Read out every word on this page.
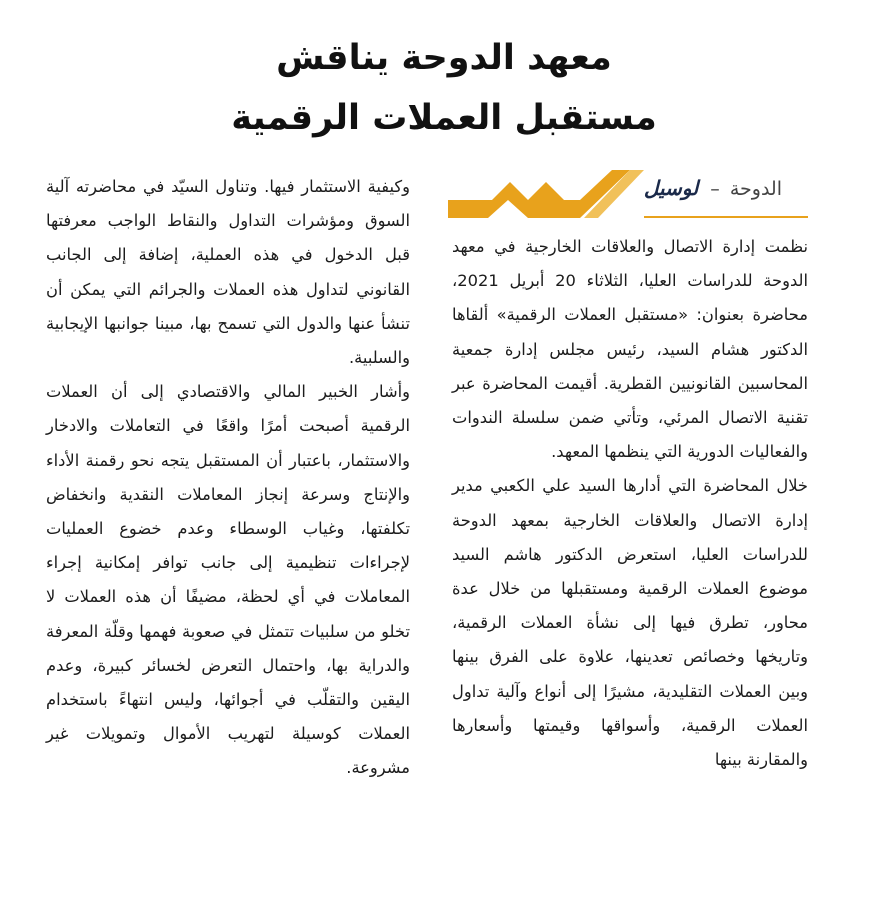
معهد الدوحة يناقش
مستقبل العملات الرقمية
الدوحة – لوسيل

نظمت إدارة الاتصال والعلاقات الخارجية في معهد الدوحة للدراسات العليا، الثلاثاء 20 أبريل 2021، محاضرة بعنوان: «مستقبل العملات الرقمية» ألقاها الدكتور هشام السيد، رئيس مجلس إدارة جمعية المحاسبين القانونيين القطرية. أقيمت المحاضرة عبر تقنية الاتصال المرئي، وتأتي ضمن سلسلة الندوات والفعاليات الدورية التي ينظمها المعهد.

خلال المحاضرة التي أدارها السيد علي الكعبي مدير إدارة الاتصال والعلاقات الخارجية بمعهد الدوحة للدراسات العليا، استعرض الدكتور هاشم السيد موضوع العملات الرقمية ومستقبلها من خلال عدة محاور، تطرق فيها إلى نشأة العملات الرقمية، وتاريخها وخصائص تعدينها، علاوة على الفرق بينها وبين العملات التقليدية، مشيرًا إلى أنواع وآلية تداول العملات الرقمية، وأسواقها وقيمتها وأسعارها والمقارنة بينها

وكيفية الاستثمار فيها. وتناول السيّد في محاضرته آلية السوق ومؤشرات التداول والنقاط الواجب معرفتها قبل الدخول في هذه العملية، إضافة إلى الجانب القانوني لتداول هذه العملات والجرائم التي يمكن أن تنشأ عنها والدول التي تسمح بها، مبينا جوانبها الإيجابية والسلبية.

وأشار الخبير المالي والاقتصادي إلى أن العملات الرقمية أصبحت أمرًا واقعًا في التعاملات والادخار والاستثمار، باعتبار أن المستقبل يتجه نحو رقمنة الأداء والإنتاج وسرعة إنجاز المعاملات النقدية وانخفاض تكلفتها، وغياب الوسطاء وعدم خضوع العمليات لإجراءات تنظيمية إلى جانب توافر إمكانية إجراء المعاملات في أي لحظة، مضيفًا أن هذه العملات لا تخلو من سلبيات تتمثل في صعوبة فهمها وقلّة المعرفة والدراية بها، واحتمال التعرض لخسائر كبيرة، وعدم اليقين والتقلّب في أجوائها، وليس انتهاءً باستخدام العملات كوسيلة لتهريب الأموال وتمويلات غير مشروعة.
